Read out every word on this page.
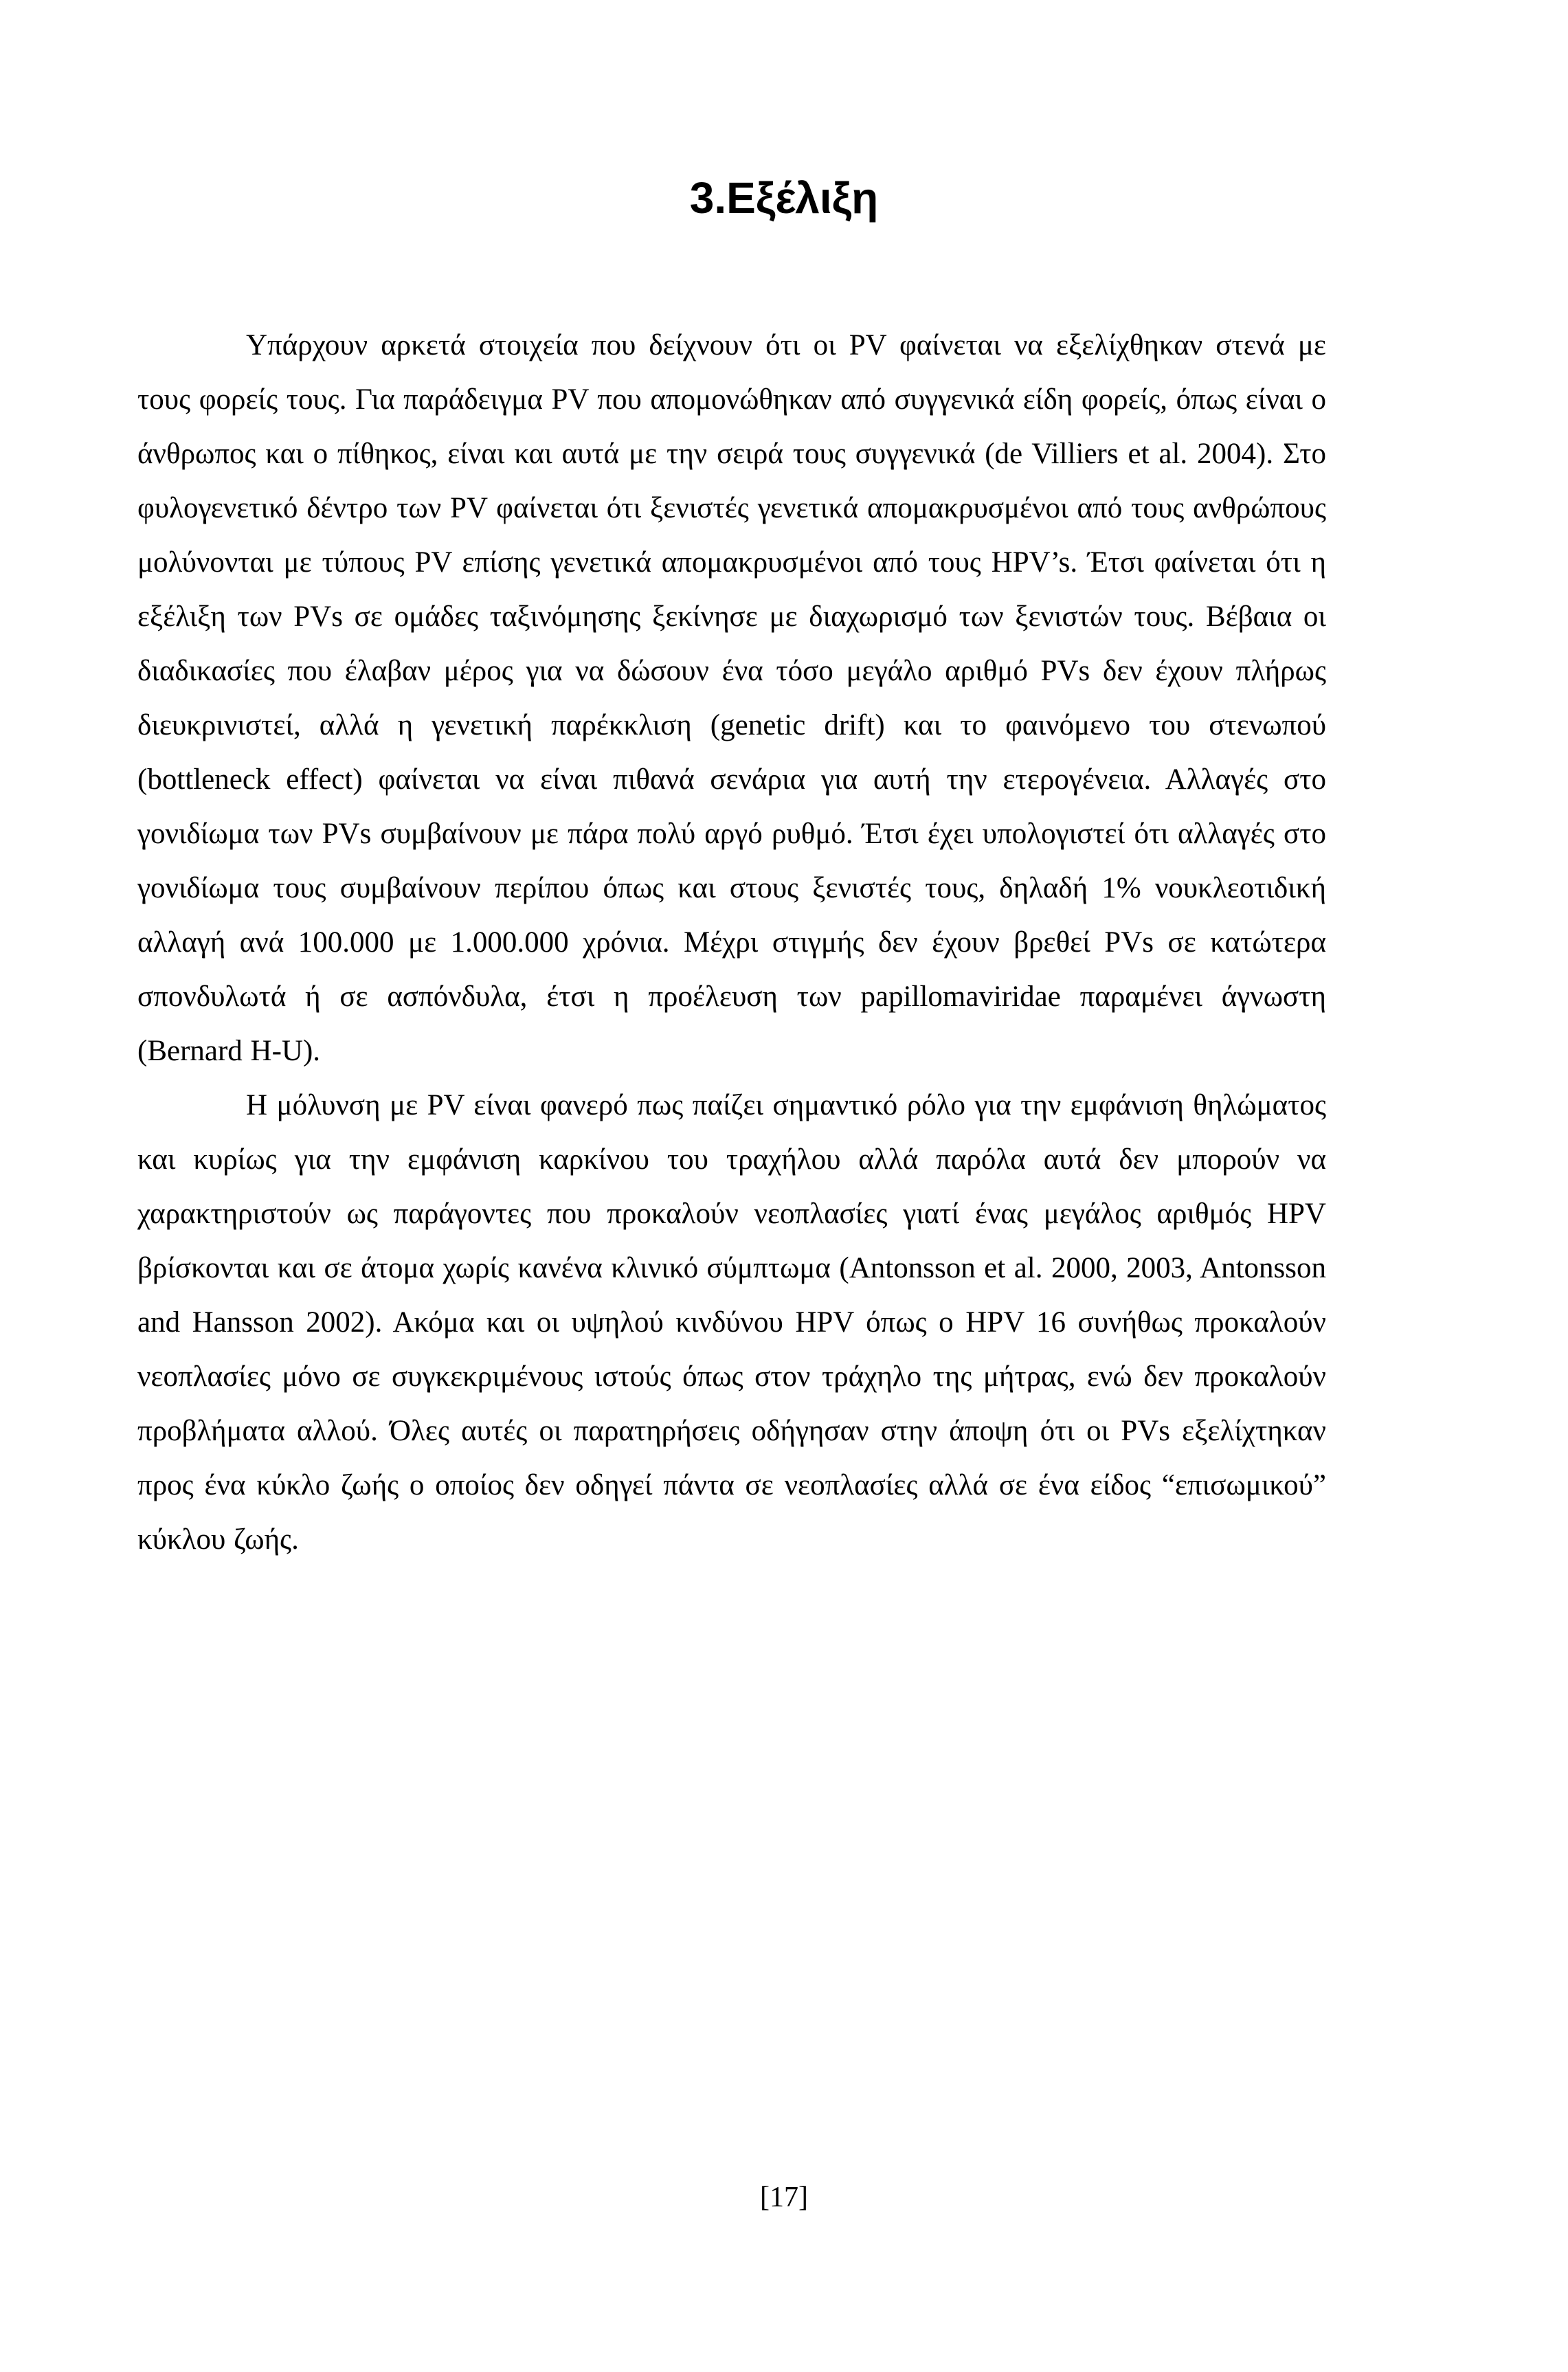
3.Εξέλιξη

Υπάρχουν αρκετά στοιχεία που δείχνουν ότι οι PV φαίνεται να εξελίχθηκαν στενά με τους φορείς τους. Για παράδειγμα PV που απομονώθηκαν από συγγενικά είδη φορείς, όπως είναι ο άνθρωπος και ο πίθηκος, είναι και αυτά με την σειρά τους συγγενικά (de Villiers et al. 2004). Στο φυλογενετικό δέντρο των PV φαίνεται ότι ξενιστές γενετικά απομακρυσμένοι από τους ανθρώπους μολύνονται με τύπους PV επίσης γενετικά απομακρυσμένοι από τους HPV’s. Έτσι φαίνεται ότι η εξέλιξη των PVs σε ομάδες ταξινόμησης ξεκίνησε με διαχωρισμό των ξενιστών τους. Βέβαια οι διαδικασίες που έλαβαν μέρος για να δώσουν ένα τόσο μεγάλο αριθμό PVs δεν έχουν πλήρως διευκρινιστεί, αλλά η γενετική παρέκκλιση (genetic drift) και το φαινόμενο του στενωπού (bottleneck effect) φαίνεται να είναι πιθανά σενάρια για αυτή την ετερογένεια. Αλλαγές στο γονιδίωμα των PVs συμβαίνουν με πάρα πολύ αργό ρυθμό. Έτσι έχει υπολογιστεί ότι αλλαγές στο γονιδίωμα τους συμβαίνουν περίπου όπως και στους ξενιστές τους, δηλαδή 1% νουκλεοτιδική αλλαγή ανά 100.000 με 1.000.000 χρόνια. Μέχρι στιγμής δεν έχουν βρεθεί PVs σε κατώτερα σπονδυλωτά ή σε ασπόνδυλα, έτσι η προέλευση των papillomaviridae παραμένει άγνωστη (Bernard H-U).

Η μόλυνση με PV είναι φανερό πως παίζει σημαντικό ρόλο για την εμφάνιση θηλώματος και κυρίως για την εμφάνιση καρκίνου του τραχήλου αλλά παρόλα αυτά δεν μπορούν να χαρακτηριστούν ως παράγοντες που προκαλούν νεοπλασίες γιατί ένας μεγάλος αριθμός HPV βρίσκονται και σε άτομα χωρίς κανένα κλινικό σύμπτωμα (Antonsson et al. 2000, 2003, Antonsson and Hansson 2002). Ακόμα και οι υψηλού κινδύνου HPV όπως ο HPV 16 συνήθως προκαλούν νεοπλασίες μόνο σε συγκεκριμένους ιστούς όπως στον τράχηλο της μήτρας, ενώ δεν προκαλούν προβλήματα αλλού. Όλες αυτές οι παρατηρήσεις οδήγησαν στην άποψη ότι οι PVs εξελίχτηκαν προς ένα κύκλο ζωής ο οποίος δεν οδηγεί πάντα σε νεοπλασίες αλλά σε ένα είδος “επισωμικού” κύκλου ζωής.

[17]
